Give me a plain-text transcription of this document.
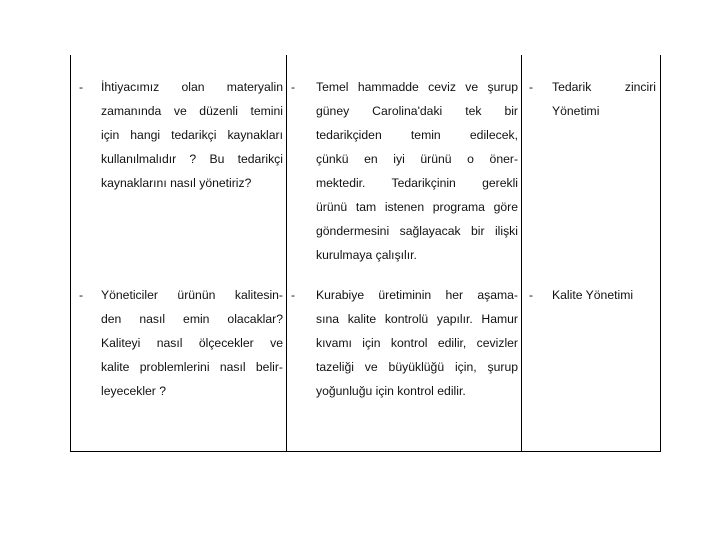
- İhtiyacımız olan materyalin
zamanında ve düzenli temini
için hangi tedarikçi kaynakları
kullanılmalıdır ? Bu tedarikçi
kaynaklarını nasıl yönetiriz?
- Temel hammadde ceviz ve şurup
güney Carolina'daki tek bir
tedarikçiden temin edilecek,
çünkü en iyi ürünü o öner-
mektedir. Tedarikçinin gerekli
ürünü tam istenen programa göre
göndermesini sağlayacak bir ilişki
kurulmaya çalışılır.
- Tedarik zinciri
Yönetimi
- Yöneticiler ürünün kalitesin-
den nasıl emin olacaklar?
Kaliteyi nasıl ölçecekler ve
kalite problemlerini nasıl belir-
leyecekler ?
- Kurabiye üretiminin her aşama-
sına kalite kontrolü yapılır. Hamur
kıvamı için kontrol edilir, cevizler
tazeliği ve büyüklüğü için, şurup
yoğunluğu için kontrol edilir.
- Kalite Yönetimi
